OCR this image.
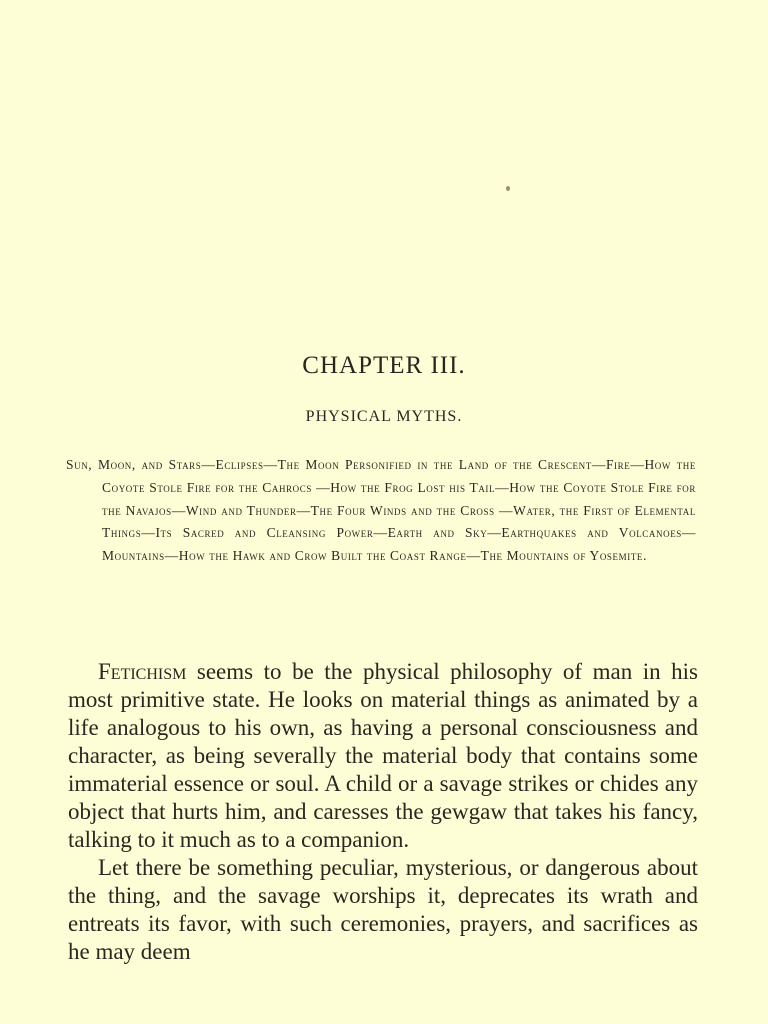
CHAPTER III.
PHYSICAL MYTHS.
Sun, Moon, and Stars—Eclipses—The Moon Personified in the Land of the Crescent—Fire—How the Coyote Stole Fire for the Cahrocs —How the Frog Lost his Tail—How the Coyote Stole Fire for the Navajos—Wind and Thunder—The Four Winds and the Cross —Water, the First of Elemental Things—Its Sacred and Cleansing Power—Earth and Sky—Earthquakes and Volcanoes—Mountains—How the Hawk and Crow Built the Coast Range—The Mountains of Yosemite.

Fetichism seems to be the physical philosophy of man in his most primitive state. He looks on material things as animated by a life analogous to his own, as having a personal consciousness and character, as being severally the material body that contains some immaterial essence or soul. A child or a savage strikes or chides any object that hurts him, and caresses the gewgaw that takes his fancy, talking to it much as to a companion.

Let there be something peculiar, mysterious, or dangerous about the thing, and the savage worships it, deprecates its wrath and entreats its favor, with such ceremonies, prayers, and sacrifices as he may deem
